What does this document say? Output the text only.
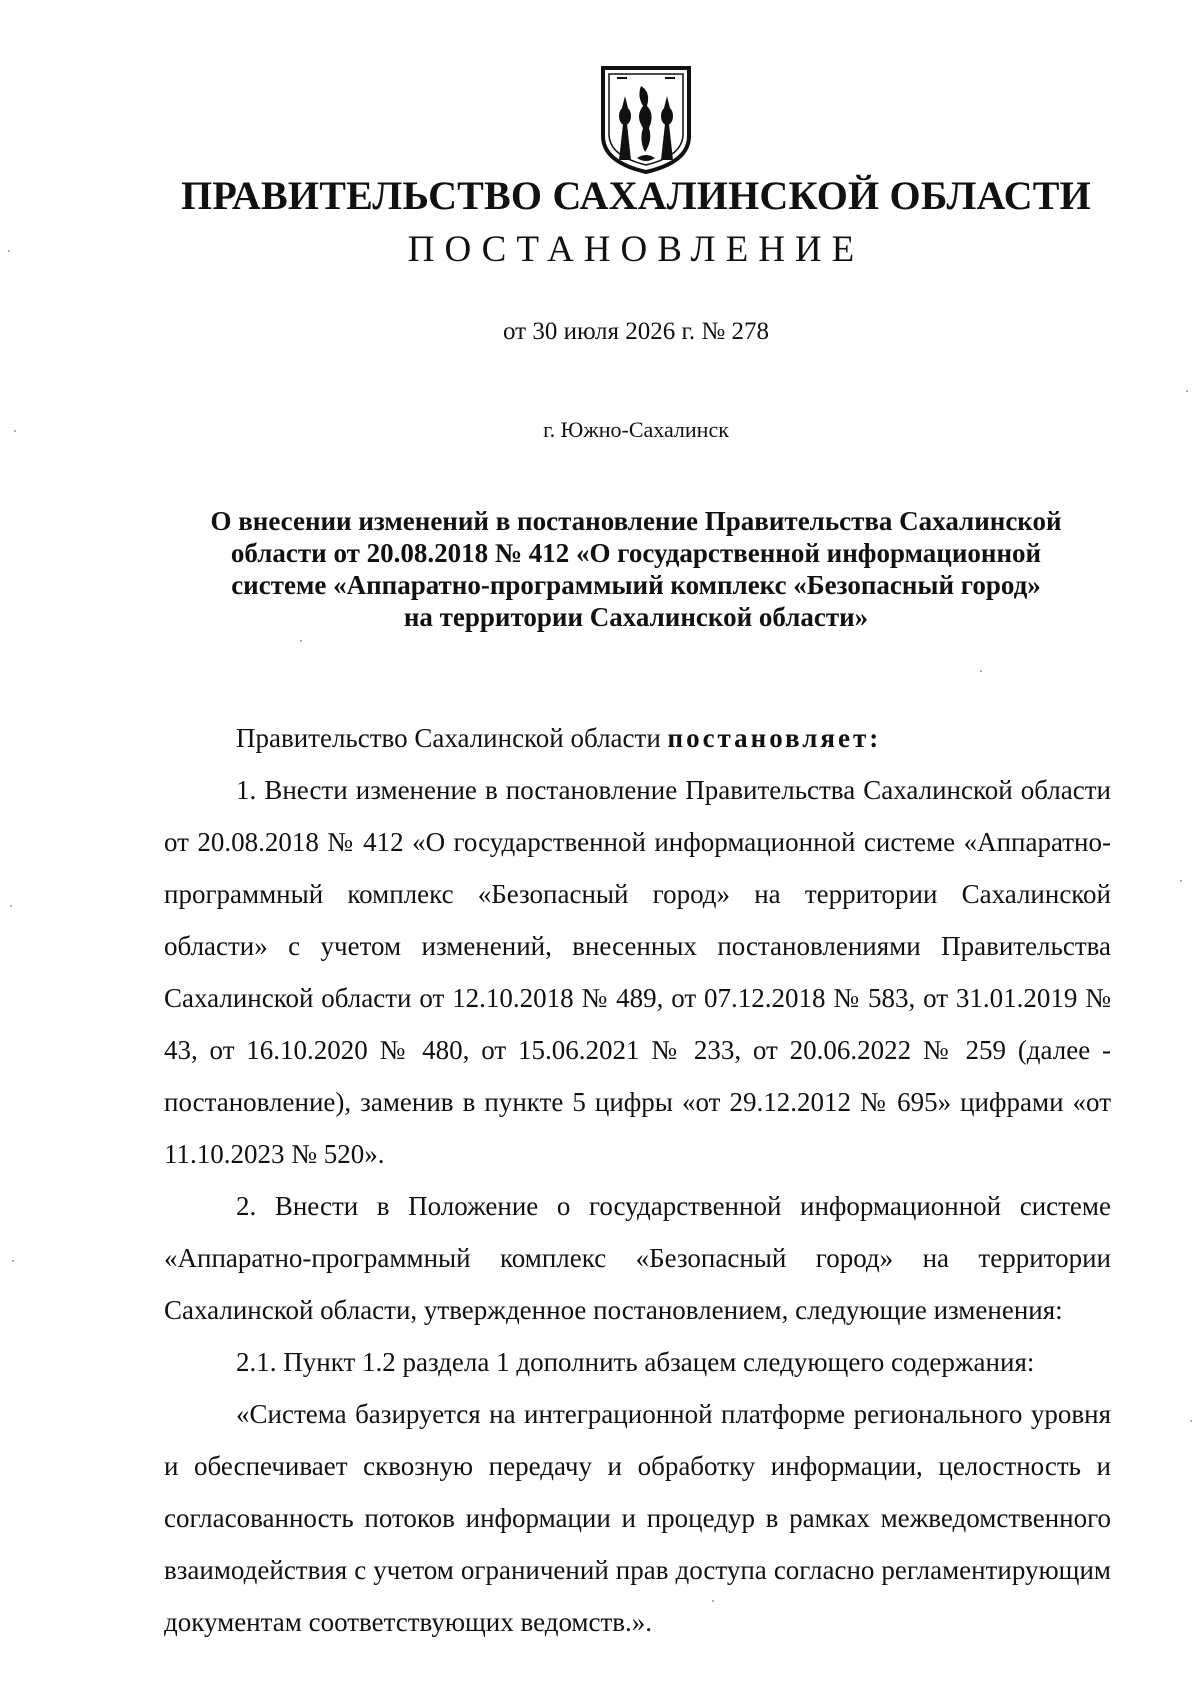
ПРАВИТЕЛЬСТВО САХАЛИНСКОЙ ОБЛАСТИ
ПОСТАНОВЛЕНИЕ
от 30 июля 2026 г. № 278
г. Южно-Сахалинск
О внесении изменений в постановление Правительства Сахалинской
области от 20.08.2018 № 412 «О государственной информационной
системе «Аппаратно-программыий комплекс «Безопасный город»
на территории Сахалинской области»

Правительство Сахалинской области постановляет:

1. Внести изменение в постановление Правительства Сахалинской области от 20.08.2018 № 412 «О государственной информационной системе «Аппаратно-программный комплекс «Безопасный город» на территории Сахалинской области» с учетом изменений, внесенных постановлениями Правительства Сахалинской области от 12.10.2018 № 489, от 07.12.2018 № 583, от 31.01.2019 № 43, от 16.10.2020 № 480, от 15.06.2021 № 233, от 20.06.2022 № 259 (далее - постановление), заменив в пункте 5 цифры «от 29.12.2012 № 695» цифрами «от 11.10.2023 № 520».

2. Внести в Положение о государственной информационной системе «Аппаратно-программный комплекс «Безопасный город» на территории Сахалинской области, утвержденное постановлением, следующие изменения:

2.1. Пункт 1.2 раздела 1 дополнить абзацем следующего содержания:

«Система базируется на интеграционной платформе регионального уровня и обеспечивает сквозную передачу и обработку информации, целостность и согласованность потоков информации и процедур в рамках межведомственного взаимодействия с учетом ограничений прав доступа согласно регламентирующим документам соответствующих ведомств.».
